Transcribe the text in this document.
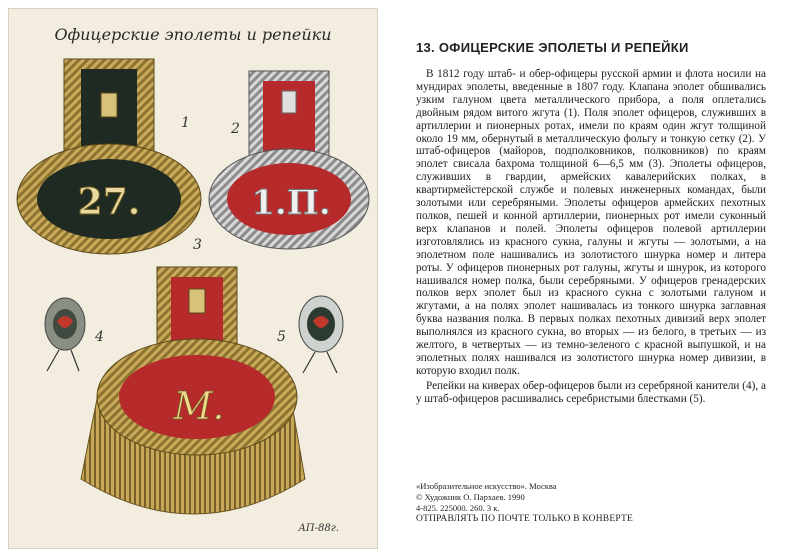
Офицерские эполеты и репейки
27.	1.П.
М.
1	2
3
4	5
АП-88г.
13. ОФИЦЕРСКИЕ ЭПОЛЕТЫ И РЕПЕЙКИ

В 1812 году штаб- и обер-офицеры русской армии и флота носили на мундирах эполеты, введенные в 1807 году. Клапана эполет обшивались узким галуном цвета металлического прибора, а поля оплетались двойным рядом витого жгута (1). Поля эполет офицеров, служивших в артиллерии и пионерных ротах, имели по краям один жгут толщиной около 19 мм, обернутый в металлическую фольгу и тонкую сетку (2). У штаб-офицеров (майоров, подполковников, полковников) по краям эполет свисала бахрома толщиной 6—6,5 мм (3). Эполеты офицеров, служивших в гвардии, армейских кавалерийских полках, в квартирмейстерской службе и полевых инженерных командах, были золотыми или серебряными. Эполеты офицеров армейских пехотных полков, пешей и конной артиллерии, пионерных рот имели суконный верх клапанов и полей. Эполеты офицеров полевой артиллерии изготовлялись из красного сукна, галуны и жгуты — золотыми, а на эполетном поле нашивались из золотистого шнурка номер и литера роты. У офицеров пионерных рот галуны, жгуты и шнурок, из которого нашивался номер полка, были серебряными. У офицеров гренадерских полков верх эполет был из красного сукна с золотыми галуном и жгутами, а на полях эполет нашивалась из тонкого шнурка заглавная буква названия полка. В первых полках пехотных дивизий верх эполет выполнялся из красного сукна, во вторых — из белого, в третьих — из желтого, в четвертых — из темно-зеленого с красной выпушкой, и на эполетных полях нашивался из золотистого шнурка номер дивизии, в которую входил полк.

Репейки на киверах обер-офицеров были из серебряной канители (4), а у штаб-офицеров расшивались серебристыми блестками (5).

«Изобразительное искусство». Москва
© Художник О. Пархаев. 1990
4-825. 225000. 260. 3 к.
ОТПРАВЛЯТЬ ПО ПОЧТЕ ТОЛЬКО В КОНВЕРТЕ
